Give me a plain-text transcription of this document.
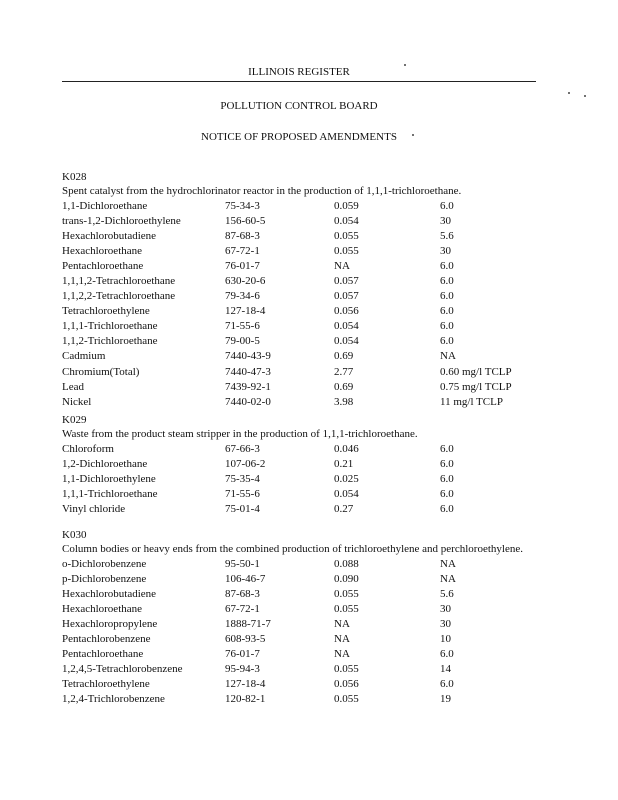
ILLINOIS REGISTER
POLLUTION CONTROL BOARD
NOTICE OF PROPOSED AMENDMENTS
K028
Spent catalyst from the hydrochlorinator reactor in the production of 1,1,1-trichloroethane.
1,1-Dichloroethane	75-34-3	0.059	6.0
trans-1,2-Dichloroethylene	156-60-5	0.054	30
Hexachlorobutadiene	87-68-3	0.055	5.6
Hexachloroethane	67-72-1	0.055	30
Pentachloroethane	76-01-7	NA	6.0
1,1,1,2-Tetrachloroethane	630-20-6	0.057	6.0
1,1,2,2-Tetrachloroethane	79-34-6	0.057	6.0
Tetrachloroethylene	127-18-4	0.056	6.0
1,1,1-Trichloroethane	71-55-6	0.054	6.0
1,1,2-Trichloroethane	79-00-5	0.054	6.0
Cadmium	7440-43-9	0.69	NA
Chromium(Total)	7440-47-3	2.77	0.60 mg/l TCLP
Lead	7439-92-1	0.69	0.75 mg/l TCLP
Nickel	7440-02-0	3.98	11 mg/l TCLP
K029
Waste from the product steam stripper in the production of 1,1,1-trichloroethane.
Chloroform	67-66-3	0.046	6.0
1,2-Dichloroethane	107-06-2	0.21	6.0
1,1-Dichloroethylene	75-35-4	0.025	6.0
1,1,1-Trichloroethane	71-55-6	0.054	6.0
Vinyl chloride	75-01-4	0.27	6.0
K030
Column bodies or heavy ends from the combined production of trichloroethylene and perchloroethylene.
o-Dichlorobenzene	95-50-1	0.088	NA
p-Dichlorobenzene	106-46-7	0.090	NA
Hexachlorobutadiene	87-68-3	0.055	5.6
Hexachloroethane	67-72-1	0.055	30
Hexachloropropylene	1888-71-7	NA	30
Pentachlorobenzene	608-93-5	NA	10
Pentachloroethane	76-01-7	NA	6.0
1,2,4,5-Tetrachlorobenzene	95-94-3	0.055	14
Tetrachloroethylene	127-18-4	0.056	6.0
1,2,4-Trichlorobenzene	120-82-1	0.055	19
